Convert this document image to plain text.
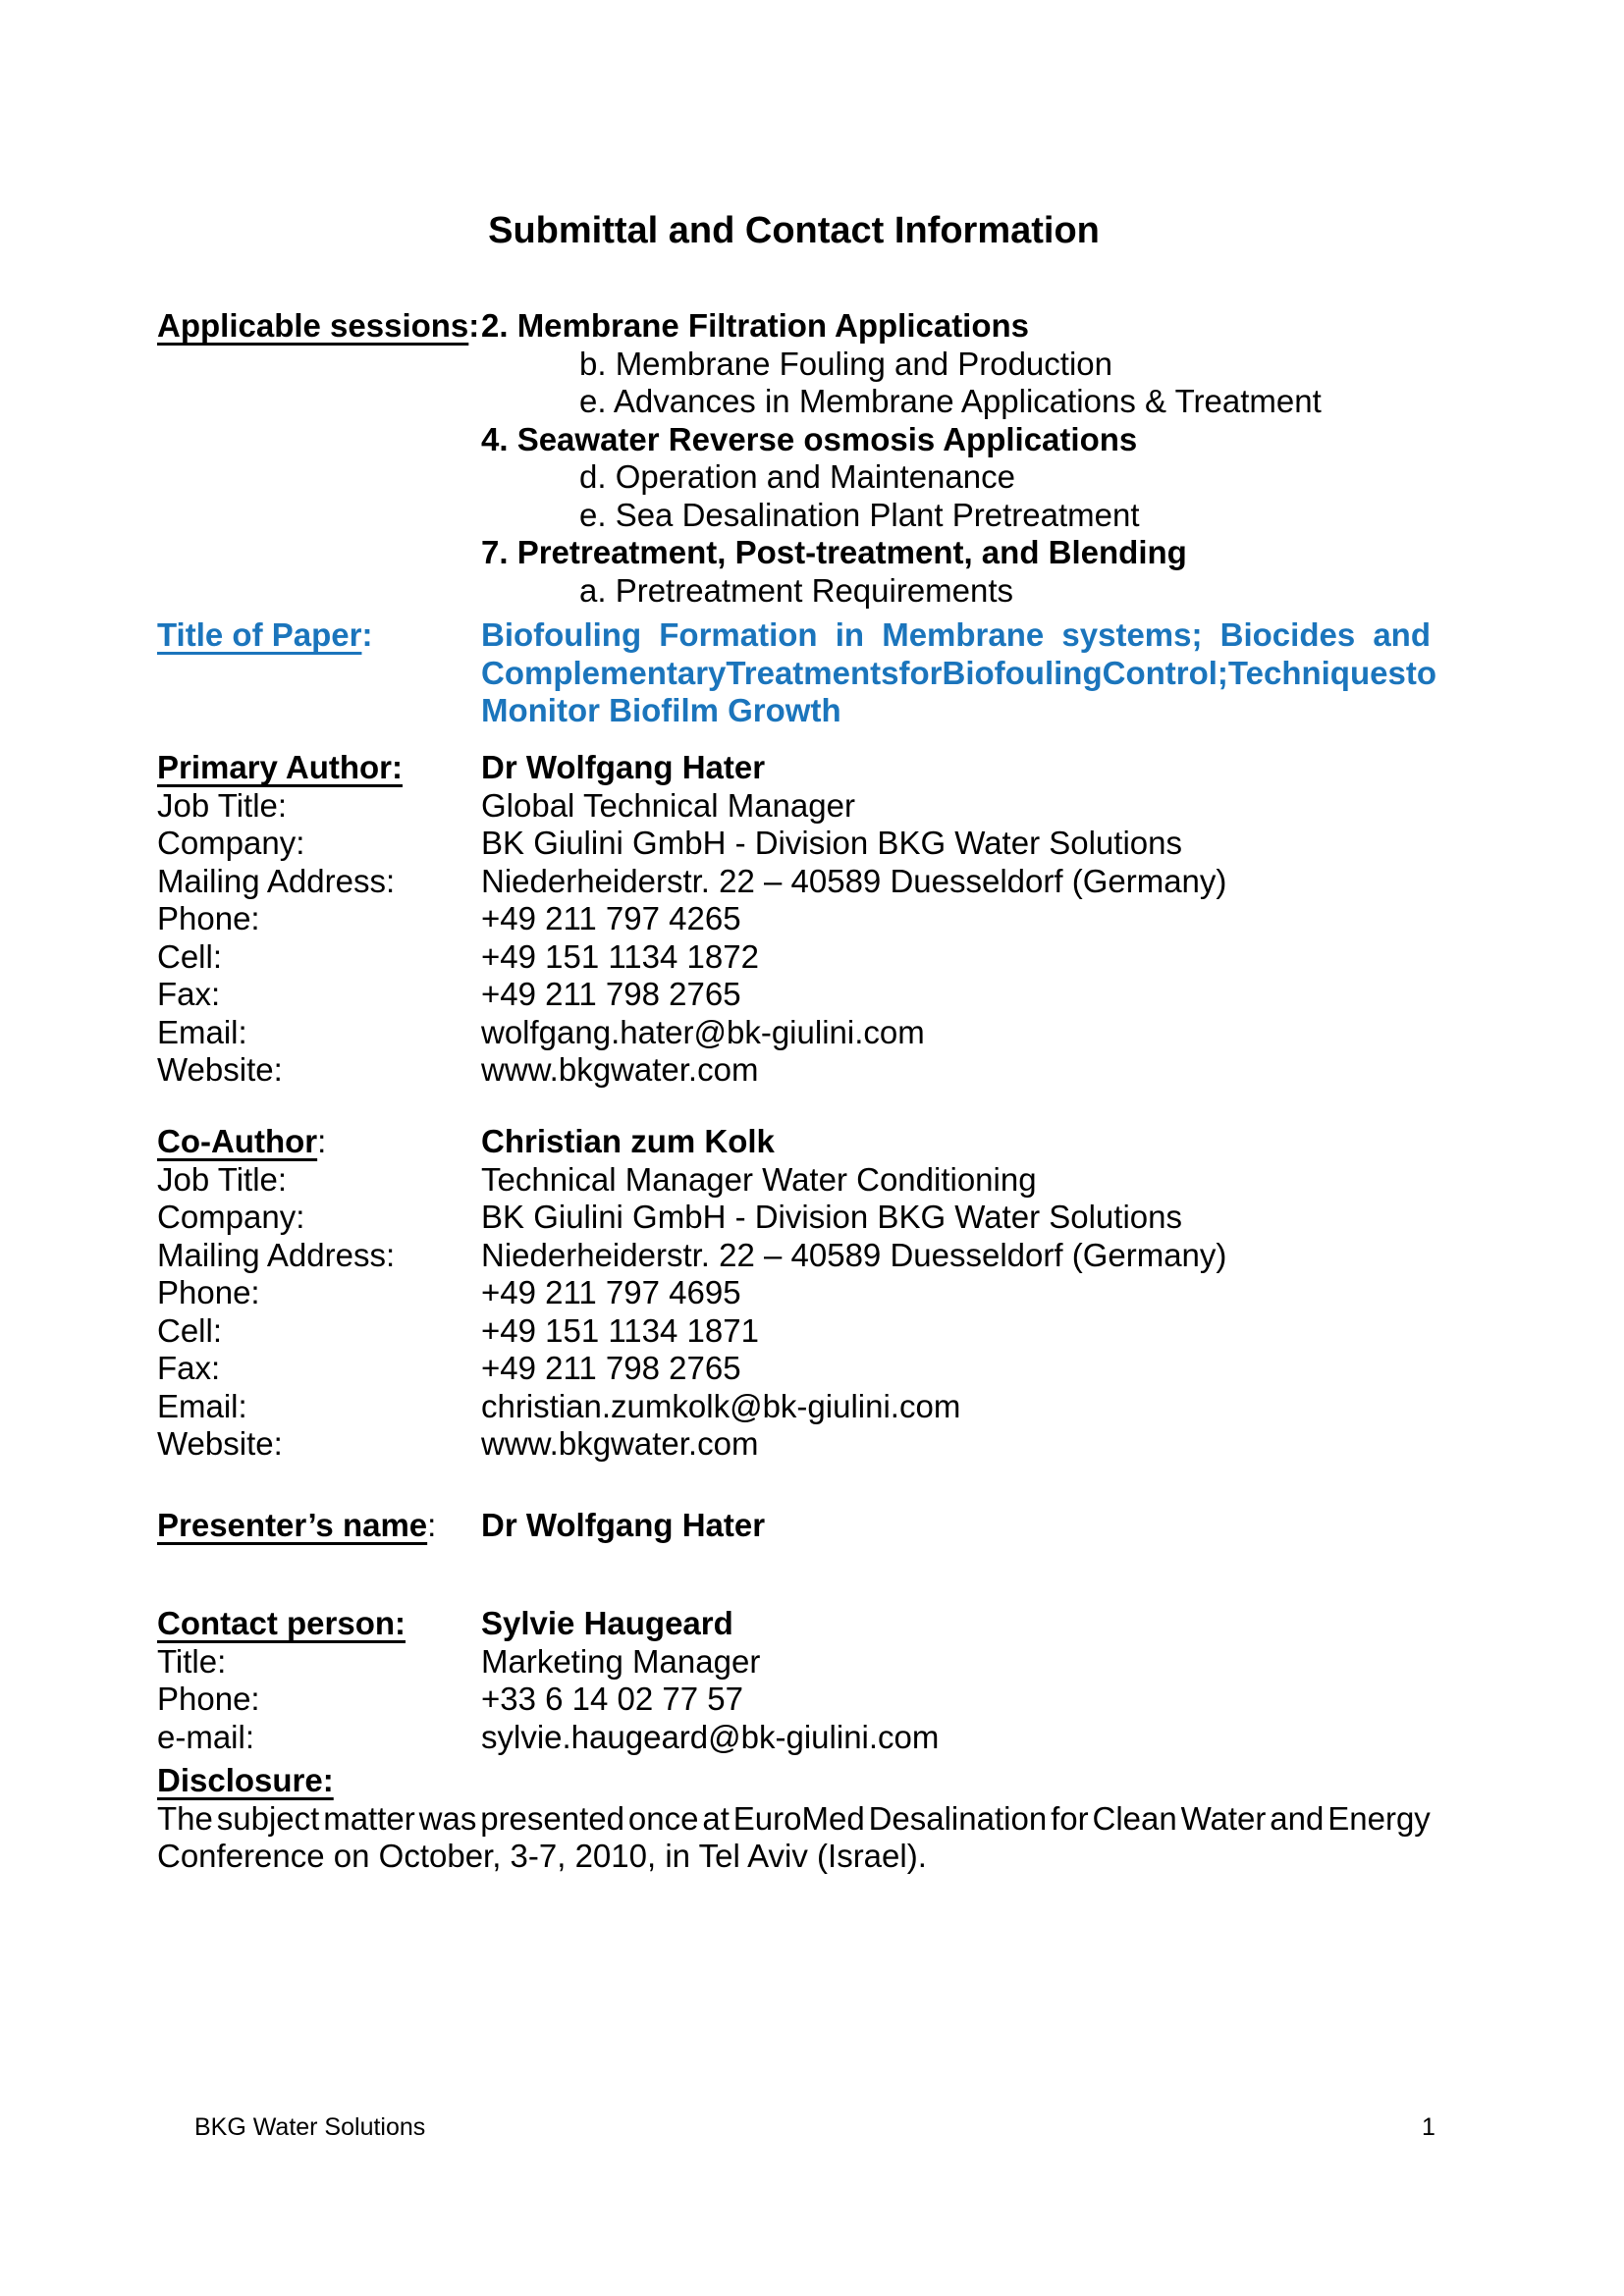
Submittal and Contact Information
Applicable sessions: 2. Membrane Filtration Applications
b. Membrane Fouling and Production
e. Advances in Membrane Applications & Treatment
4. Seawater Reverse osmosis Applications
d. Operation and Maintenance
e. Sea Desalination Plant Pretreatment
7. Pretreatment, Post-treatment, and Blending
a. Pretreatment Requirements
Title of Paper:	Biofouling Formation in Membrane systems; Biocides and
Complementary Treatments for Biofouling Control; Techniques to
Monitor Biofilm Growth
Primary Author:	Dr Wolfgang Hater
Job Title:	Global Technical Manager
Company:	BK Giulini GmbH - Division BKG Water Solutions
Mailing Address:	Niederheiderstr. 22 – 40589 Duesseldorf (Germany)
Phone:	+49 211 797 4265
Cell:	+49 151 1134 1872
Fax:	+49 211 798 2765
Email:	wolfgang.hater@bk-giulini.com
Website:	www.bkgwater.com
Co-Author:	Christian zum Kolk
Job Title:	Technical Manager Water Conditioning
Company:	BK Giulini GmbH - Division BKG Water Solutions
Mailing Address:	Niederheiderstr. 22 – 40589 Duesseldorf (Germany)
Phone:	+49 211 797 4695
Cell:	+49 151 1134 1871
Fax:	+49 211 798 2765
Email:	christian.zumkolk@bk-giulini.com
Website:	www.bkgwater.com
Presenter’s name:	Dr Wolfgang Hater
Contact person:	Sylvie Haugeard
Title:	Marketing Manager
Phone:	+33 6 14 02 77 57
e-mail:	sylvie.haugeard@bk-giulini.com
Disclosure:
The subject matter was presented once at EuroMed Desalination for Clean Water and Energy
Conference on October, 3-7, 2010, in Tel Aviv (Israel).
BKG Water Solutions	1
